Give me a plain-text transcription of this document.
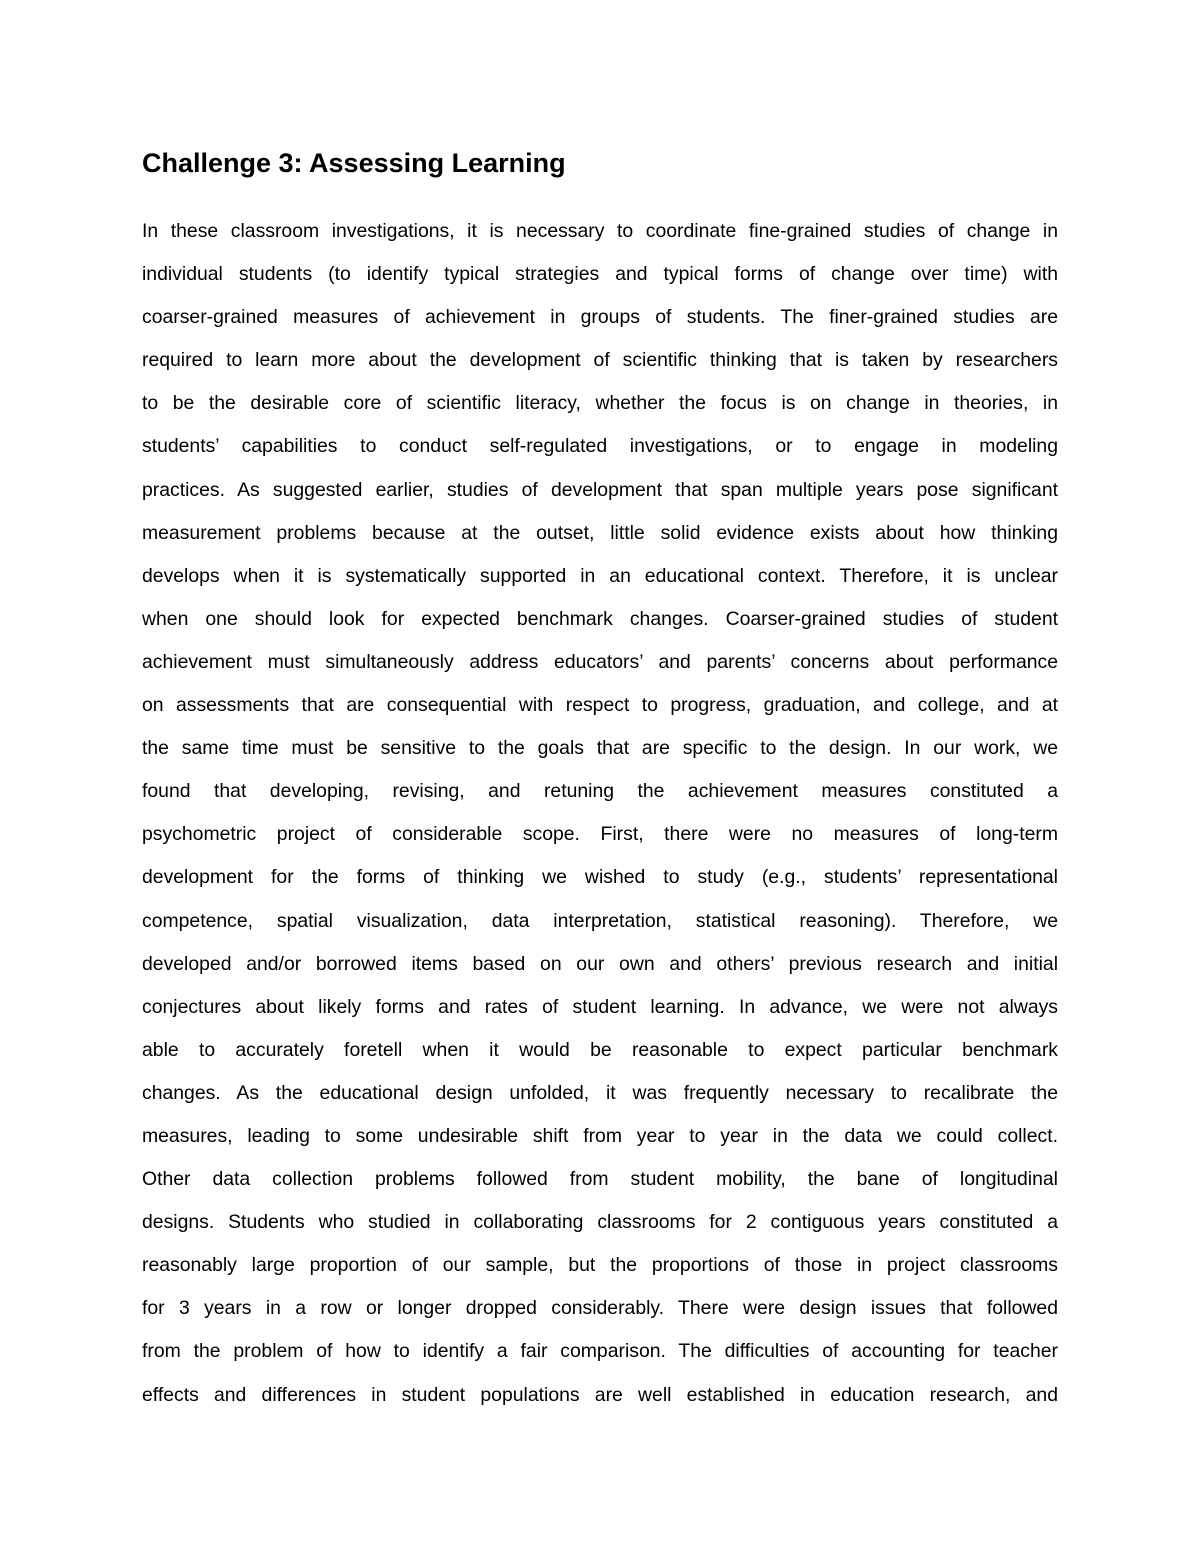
Challenge 3: Assessing Learning
In these classroom investigations, it is necessary to coordinate fine-grained studies of change in
individual students (to identify typical strategies and typical forms of change over time) with
coarser-grained measures of achievement in groups of students. The finer-grained studies are
required to learn more about the development of scientific thinking that is taken by researchers
to be the desirable core of scientific literacy, whether the focus is on change in theories, in
students’ capabilities to conduct self-regulated investigations, or to engage in modeling
practices. As suggested earlier, studies of development that span multiple years pose significant
measurement problems because at the outset, little solid evidence exists about how thinking
develops when it is systematically supported in an educational context. Therefore, it is unclear
when one should look for expected benchmark changes. Coarser-grained studies of student
achievement must simultaneously address educators’ and parents’ concerns about performance
on assessments that are consequential with respect to progress, graduation, and college, and at
the same time must be sensitive to the goals that are specific to the design. In our work, we
found that developing, revising, and retuning the achievement measures constituted a
psychometric project of considerable scope. First, there were no measures of long-term
development for the forms of thinking we wished to study (e.g., students’ representational
competence, spatial visualization, data interpretation, statistical reasoning). Therefore, we
developed and/or borrowed items based on our own and others’ previous research and initial
conjectures about likely forms and rates of student learning. In advance, we were not always
able to accurately foretell when it would be reasonable to expect particular benchmark
changes. As the educational design unfolded, it was frequently necessary to recalibrate the
measures, leading to some undesirable shift from year to year in the data we could collect.
Other data collection problems followed from student mobility, the bane of longitudinal
designs. Students who studied in collaborating classrooms for 2 contiguous years constituted a
reasonably large proportion of our sample, but the proportions of those in project classrooms
for 3 years in a row or longer dropped considerably. There were design issues that followed
from the problem of how to identify a fair comparison. The difficulties of accounting for teacher
effects and differences in student populations are well established in education research, and
